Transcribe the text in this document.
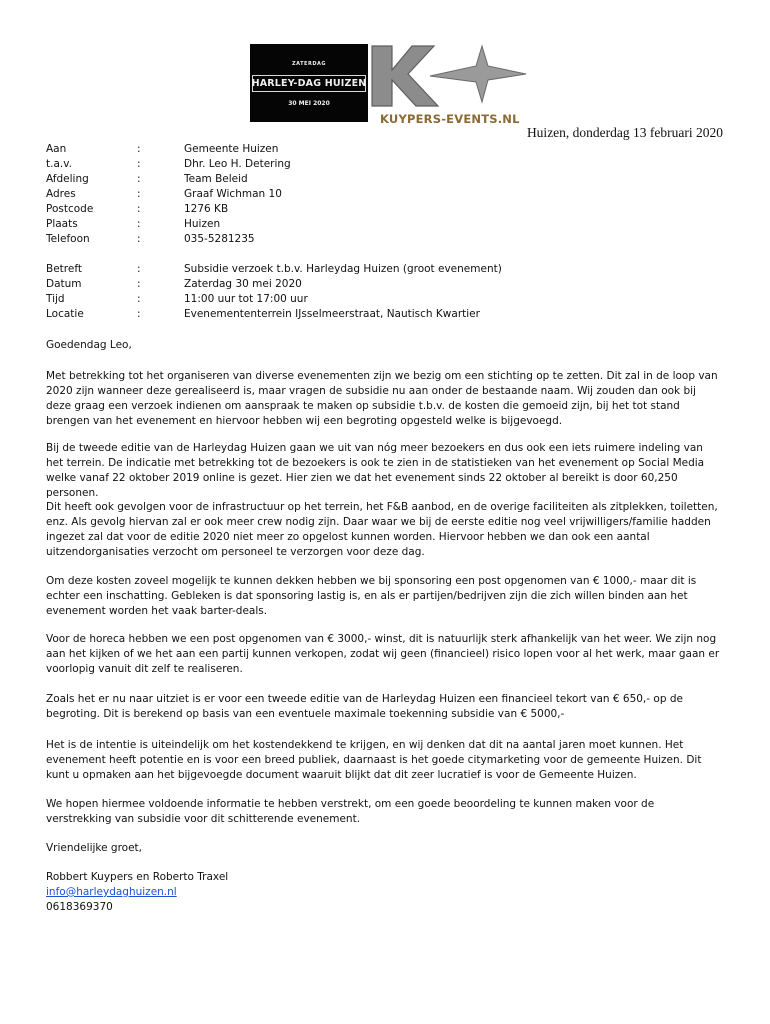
ZATERDAG
HARLEY-DAG HUIZEN
30 MEI 2020
KUYPERS-EVENTS.NL
Huizen, donderdag 13 februari 2020
Aan	:	Gemeente Huizen
t.a.v.	:	Dhr. Leo H. Detering
Afdeling	:	Team Beleid
Adres	:	Graaf Wichman 10
Postcode	:	1276 KB
Plaats	:	Huizen
Telefoon	:	035-5281235
Betreft	:	Subsidie verzoek t.b.v. Harleydag Huizen (groot evenement)
Datum	:	Zaterdag 30 mei 2020
Tijd	:	11:00 uur tot 17:00 uur
Locatie	:	Evenemententerrein IJsselmeerstraat, Nautisch Kwartier
Goedendag Leo,

Met betrekking tot het organiseren van diverse evenementen zijn we bezig om een stichting op te zetten. Dit zal in de loop van 2020 zijn wanneer deze gerealiseerd is, maar vragen de subsidie nu aan onder de bestaande naam. Wij zouden dan ook bij deze graag een verzoek indienen om aanspraak te maken op subsidie t.b.v. de kosten die gemoeid zijn, bij het tot stand brengen van het evenement en hiervoor hebben wij een begroting opgesteld welke is bijgevoegd.

Bij de tweede editie van de Harleydag Huizen gaan we uit van nóg meer bezoekers en dus ook een iets ruimere indeling van het terrein. De indicatie met betrekking tot de bezoekers is ook te zien in de statistieken van het evenement op Social Media welke vanaf 22 oktober 2019 online is gezet. Hier zien we dat het evenement sinds 22 oktober al bereikt is door 60,250 personen.

Dit heeft ook gevolgen voor de infrastructuur op het terrein, het F&B aanbod, en de overige faciliteiten als zitplekken, toiletten, enz. Als gevolg hiervan zal er ook meer crew nodig zijn. Daar waar we bij de eerste editie nog veel vrijwilligers/familie hadden ingezet zal dat voor de editie 2020 niet meer zo opgelost kunnen worden. Hiervoor hebben we dan ook een aantal uitzendorganisaties verzocht om personeel te verzorgen voor deze dag.

Om deze kosten zoveel mogelijk te kunnen dekken hebben we bij sponsoring een post opgenomen van € 1000,- maar dit is echter een inschatting. Gebleken is dat sponsoring lastig is, en als er partijen/bedrijven zijn die zich willen binden aan het evenement worden het vaak barter-deals.

Voor de horeca hebben we een post opgenomen van € 3000,- winst, dit is natuurlijk sterk afhankelijk van het weer. We zijn nog aan het kijken of we het aan een partij kunnen verkopen, zodat wij geen (financieel) risico lopen voor al het werk, maar gaan er voorlopig vanuit dit zelf te realiseren.

Zoals het er nu naar uitziet is er voor een tweede editie van de Harleydag Huizen een financieel tekort van € 650,- op de begroting. Dit is berekend op basis van een eventuele maximale toekenning subsidie van € 5000,-

Het is de intentie is uiteindelijk om het kostendekkend te krijgen, en wij denken dat dit na aantal jaren moet kunnen. Het evenement heeft potentie en is voor een breed publiek, daarnaast is het goede citymarketing voor de gemeente Huizen. Dit kunt u opmaken aan het bijgevoegde document waaruit blijkt dat dit zeer lucratief is voor de Gemeente Huizen.

We hopen hiermee voldoende informatie te hebben verstrekt, om een goede beoordeling te kunnen maken voor de verstrekking van subsidie voor dit schitterende evenement.

Vriendelijke groet,
Robbert Kuypers en Roberto Traxel
info@harleydaghuizen.nl
0618369370
